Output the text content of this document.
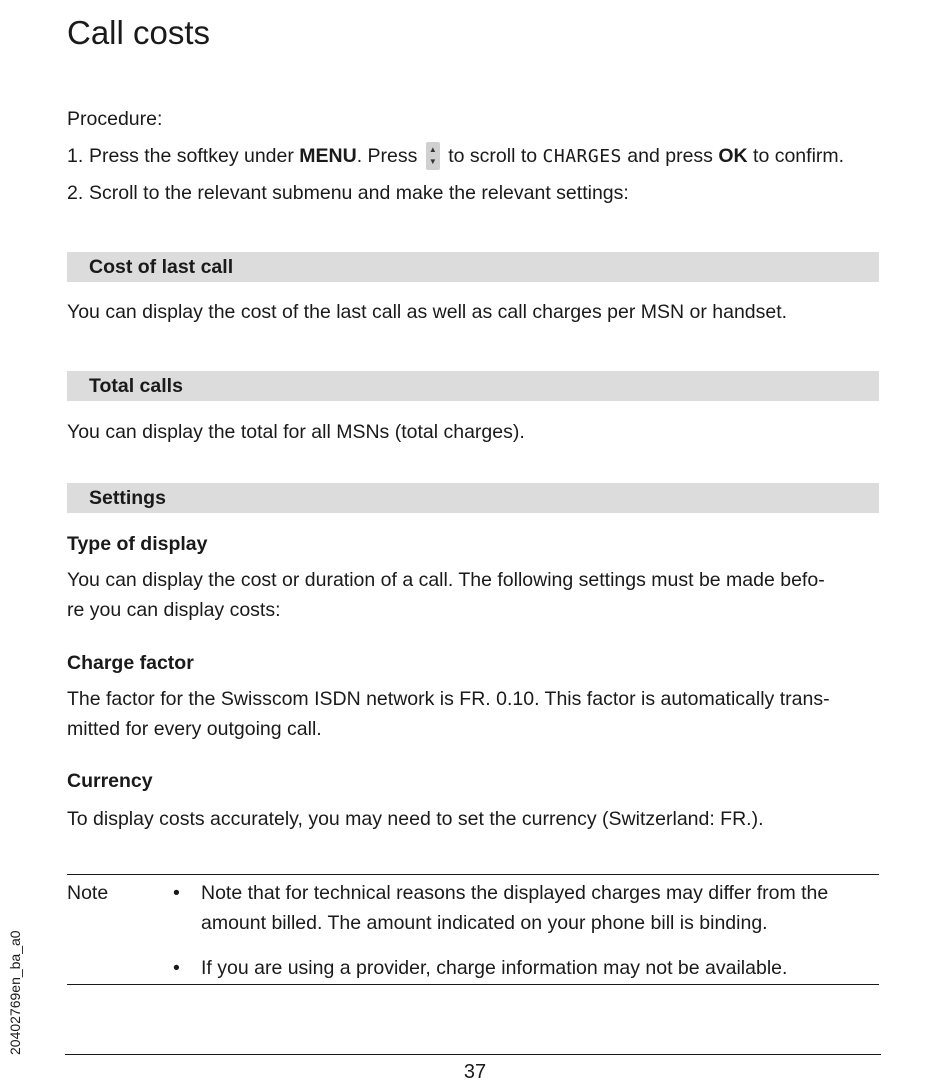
Call costs
Procedure:
1. Press the softkey under MENU. Press ▲
▼ to scroll to CHARGES and press OK to confirm.
2. Scroll to the relevant submenu and make the relevant settings:
Cost of last call
You can display the cost of the last call as well as call charges per MSN or handset.
Total calls
You can display the total for all MSNs (total charges).
Settings
Type of display
You can display the cost or duration of a call. The following settings must be made befo-
re you can display costs:
Charge factor
The factor for the Swisscom ISDN network is FR. 0.10. This factor is automatically trans-
mitted for every outgoing call.
Currency
To display costs accurately, you may need to set the currency (Switzerland: FR.).
Note	• Note that for technical reasons the displayed charges may differ from the
amount billed. The amount indicated on your phone bill is binding.
• If you are using a provider, charge information may not be available.
20402769en_ba_a0
37
